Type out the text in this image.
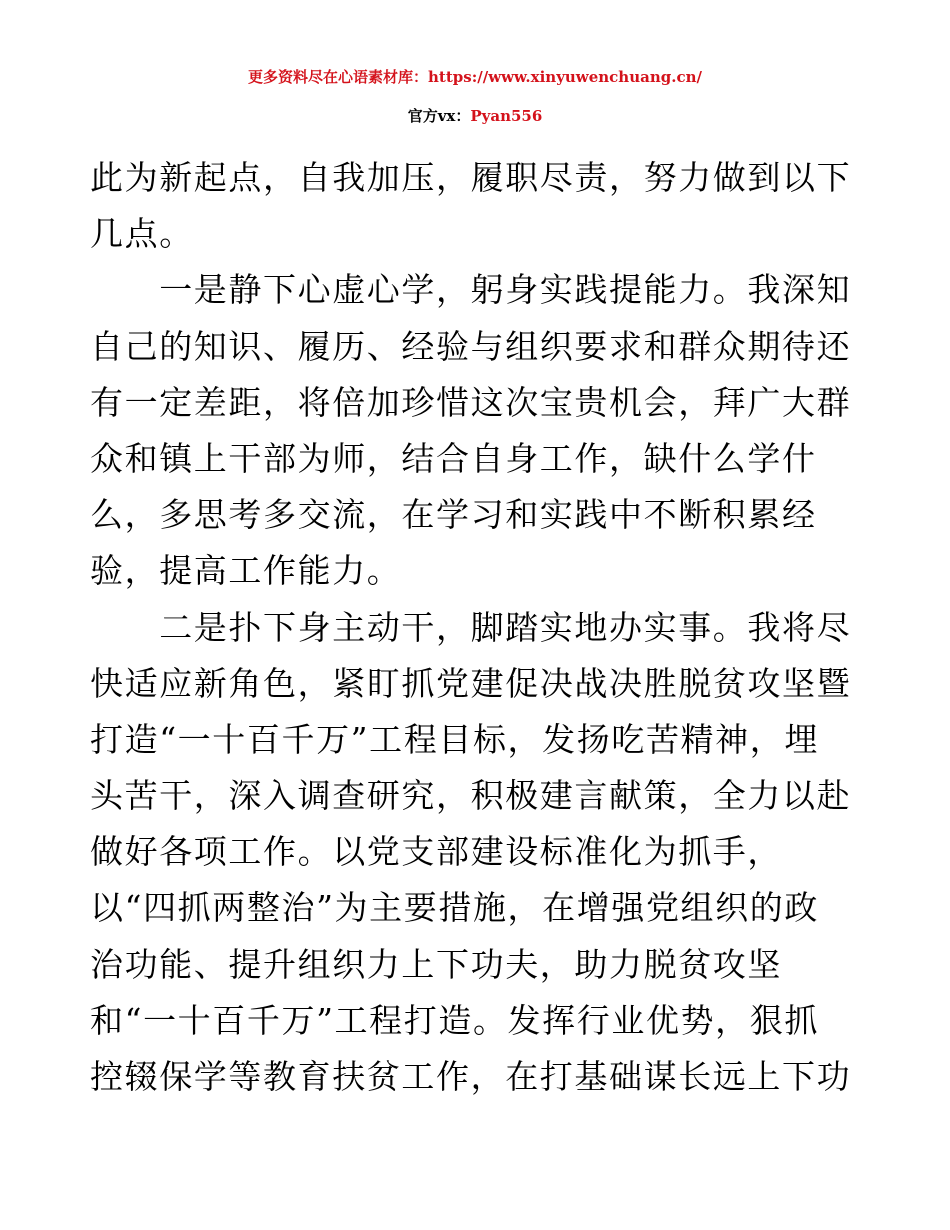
更多资料尽在心语素材库：https://www.xinyuwenchuang.cn/
官方vx：Pyan556
此为新起点，自我加压，履职尽责，努力做到以下
几点。
　　一是静下心虚心学，躬身实践提能力。我深知
自己的知识、履历、经验与组织要求和群众期待还
有一定差距，将倍加珍惜这次宝贵机会，拜广大群
众和镇上干部为师，结合自身工作，缺什么学什
么，多思考多交流，在学习和实践中不断积累经
验，提高工作能力。
　　二是扑下身主动干，脚踏实地办实事。我将尽
快适应新角色，紧盯抓党建促决战决胜脱贫攻坚暨
打造“一十百千万”工程目标，发扬吃苦精神，埋
头苦干，深入调查研究，积极建言献策，全力以赴
做好各项工作。以党支部建设标准化为抓手，
以“四抓两整治”为主要措施，在增强党组织的政
治功能、提升组织力上下功夫，助力脱贫攻坚
和“一十百千万”工程打造。发挥行业优势，狠抓
控辍保学等教育扶贫工作，在打基础谋长远上下功
